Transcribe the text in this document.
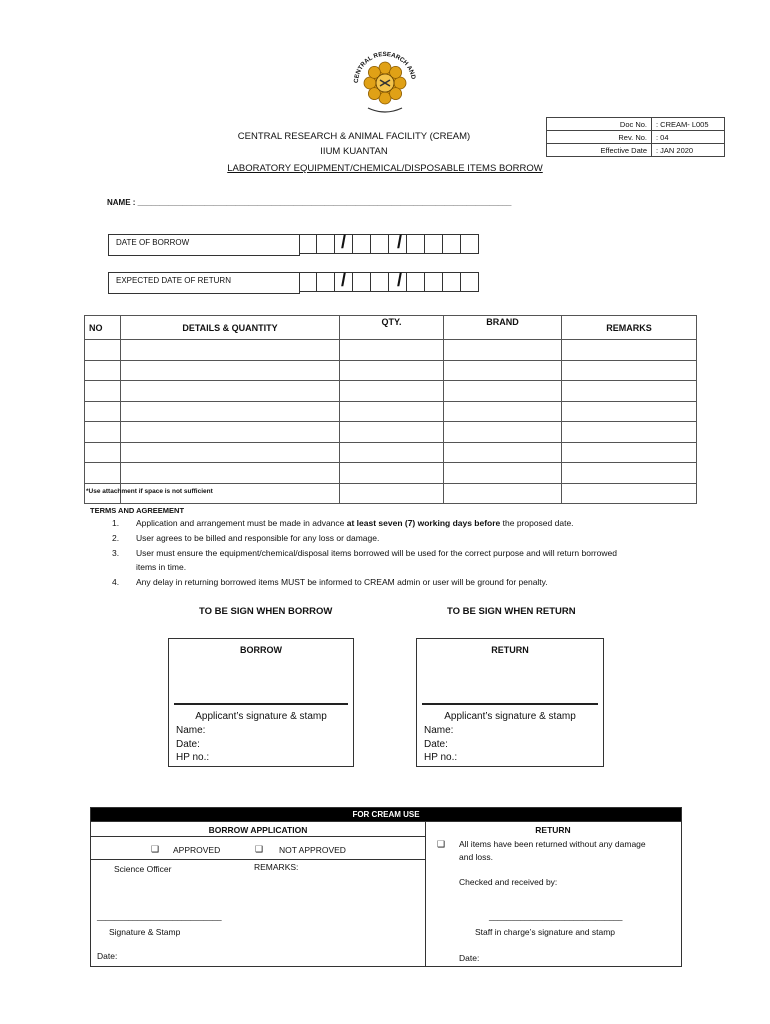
CENTRAL RESEARCH AND
Doc No.	: CREAM- L005
Rev. No.	: 04
Effective Date	: JAN 2020
CENTRAL RESEARCH & ANIMAL FACILITY (CREAM)
IIUM KUANTAN
LABORATORY EQUIPMENT/CHEMICAL/DISPOSABLE ITEMS BORROW
NAME : ____________________________________________________________________________________
DATE OF BORROW	/	/
EXPECTED DATE OF RETURN	/	/
NO	DETAILS & QUANTITY	QTY.	BRAND	REMARKS

*Use attachment if space is not sufficient
TERMS AND AGREEMENT
1. Application and arrangement must be made in advance at least seven (7) working days before the proposed date.
2. User agrees to be billed and responsible for any loss or damage.
3. User must ensure the equipment/chemical/disposal items borrowed will be used for the correct purpose and will return borrowed
items in time.
4. Any delay in returning borrowed items MUST be informed to CREAM admin or user will be ground for penalty.
TO BE SIGN WHEN BORROW	TO BE SIGN WHEN RETURN
BORROW
Applicant’s signature & stamp
Name:
Date:
HP no.:
RETURN
Applicant’s signature & stamp
Name:
Date:
HP no.:
FOR CREAM USE
BORROW APPLICATION	RETURN
❑ APPROVED	❑ NOT APPROVED
Science Officer	REMARKS:
____________________________
Signature & Stamp
Date:
❑ All items have been returned without any damage
and loss.
Checked and received by:
______________________________
Staff in charge’s signature and stamp
Date:
